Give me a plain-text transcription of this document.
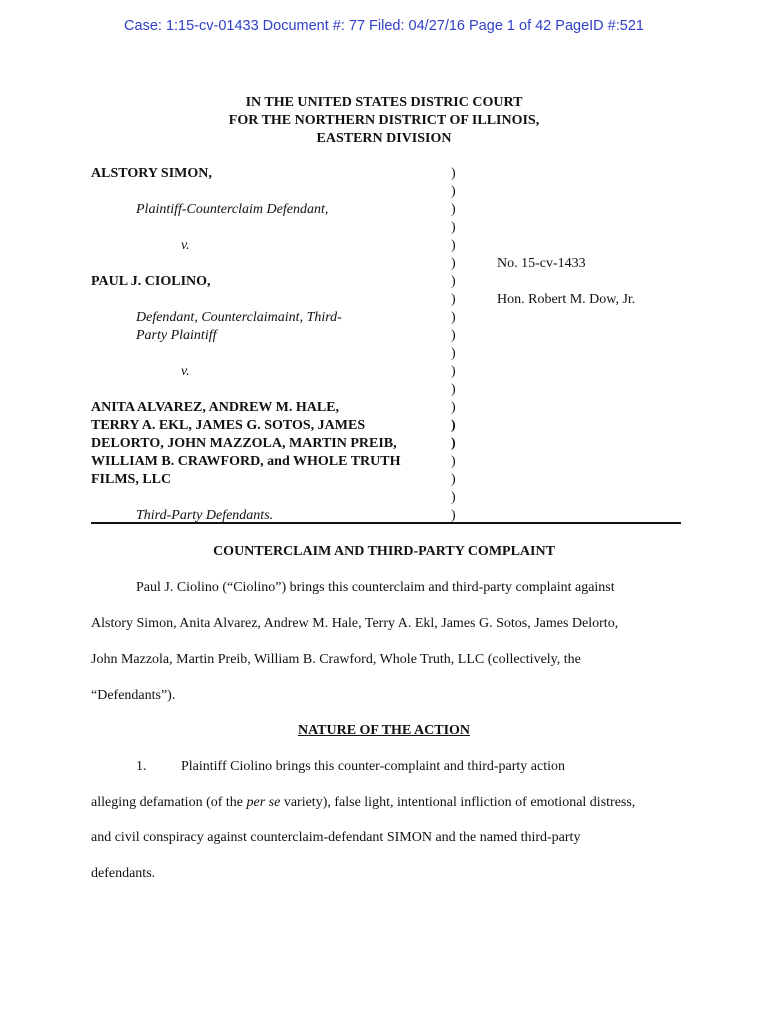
Case: 1:15-cv-01433 Document #: 77 Filed: 04/27/16 Page 1 of 42 PageID #:521
IN THE UNITED STATES DISTRIC COURT
FOR THE NORTHERN DISTRICT OF ILLINOIS,
EASTERN DIVISION
ALSTORY SIMON,
Plaintiff-Counterclaim Defendant,
v.
PAUL J. CIOLINO,
Defendant, Counterclaimaint, Third-
Party Plaintiff
v.
ANITA ALVAREZ, ANDREW M. HALE,
TERRY A. EKL, JAMES G. SOTOS, JAMES
DELORTO, JOHN MAZZOLA, MARTIN PREIB,
WILLIAM B. CRAWFORD, and WHOLE TRUTH
FILMS, LLC
Third-Party Defendants.
)
)
)
)
)
)
)
)
)
)
)
)
)
)
)
)
)
)
)
)
No. 15-cv-1433
Hon. Robert M. Dow, Jr.
COUNTERCLAIM AND THIRD-PARTY COMPLAINT
Paul J. Ciolino (“Ciolino”) brings this counterclaim and third-party complaint against
Alstory Simon, Anita Alvarez, Andrew M. Hale, Terry A. Ekl, James G. Sotos, James Delorto,
John Mazzola, Martin Preib, William B. Crawford, Whole Truth, LLC (collectively, the
“Defendants”).
NATURE OF THE ACTION
1. Plaintiff Ciolino brings this counter-complaint and third-party action
alleging defamation (of the per se variety), false light, intentional infliction of emotional distress,
and civil conspiracy against counterclaim-defendant SIMON and the named third-party
defendants.
